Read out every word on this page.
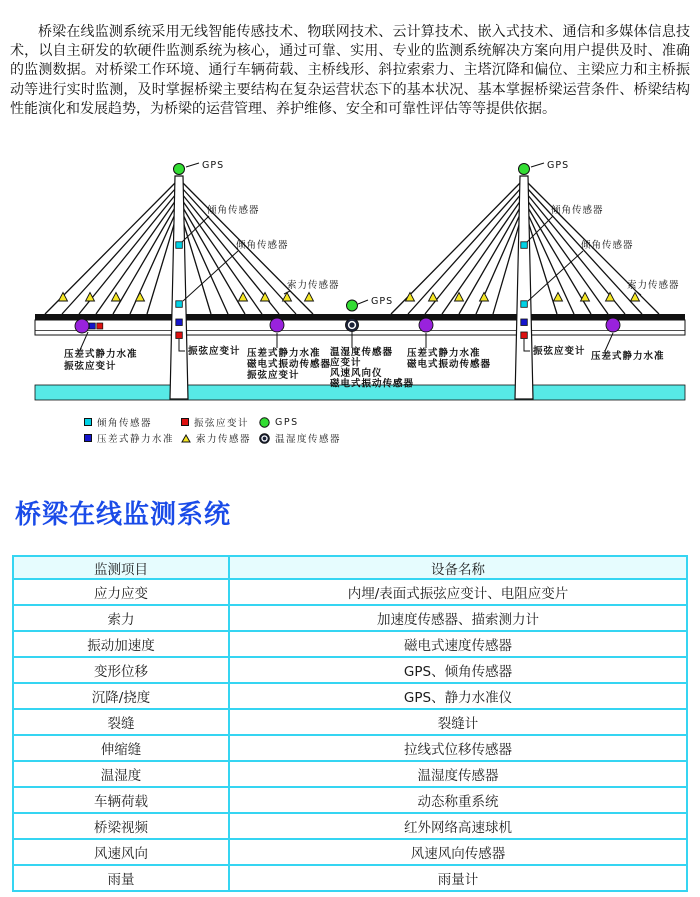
桥梁在线监测系统采用无线智能传感技术、物联网技术、云计算技术、嵌入式技术、通信和多媒体信息技术，以自主研发的软硬件监测系统为核心，通过可靠、实用、专业的监测系统解决方案向用户提供及时、准确的监测数据。对桥梁工作环境、通行车辆荷载、主桥线形、斜拉索索力、主塔沉降和偏位、主梁应力和主桥振动等进行实时监测，及时掌握桥梁主要结构在复杂运营状态下的基本状况、基本掌握桥梁运营条件、桥梁结构性能演化和发展趋势，为桥梁的运营管理、养护维修、安全和可靠性评估等等提供依据。

GPS	GPS
GPS
倾角传感器
倾角传感器
索力传感器
倾角传感器
倾角传感器
索力传感器
压差式静力水准
振弦应变计
振弦应变计 压差式静力水准
磁电式振动传感器
振弦应变计
温湿度传感器
应变计
风速风向仪
磁电式振动传感器
压差式静力水准
磁电式振动传感器
振弦应变计 压差式静力水准
倾角传感器	振弦应变计	GPS
压差式静力水准 索力传感器	温湿度传感器
桥梁在线监测系统
监测项目	设备名称
应力应变	内埋/表面式振弦应变计、电阻应变片
索力	加速度传感器、描索测力计
振动加速度	磁电式速度传感器
变形位移	GPS、倾角传感器
沉降/挠度	GPS、静力水准仪
裂缝	裂缝计
伸缩缝	拉线式位移传感器
温湿度	温湿度传感器
车辆荷载	动态称重系统
桥梁视频	红外网络高速球机
风速风向	风速风向传感器
雨量	雨量计
